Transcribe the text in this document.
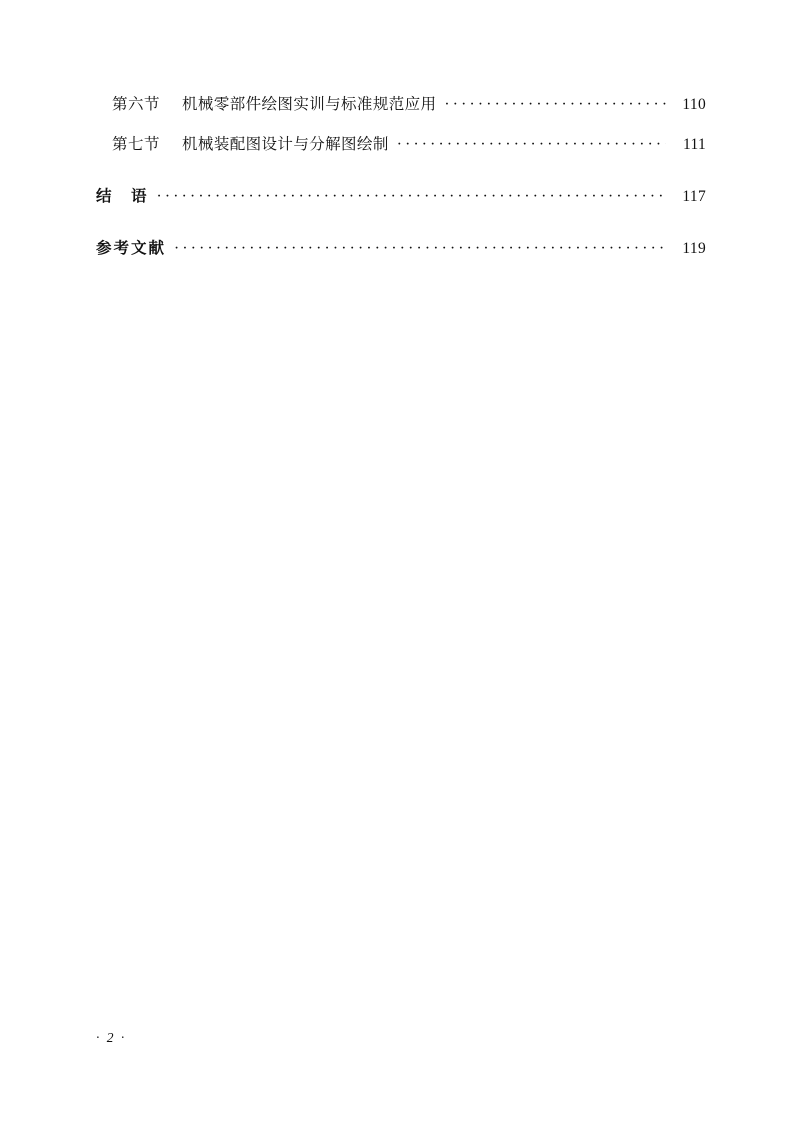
第六节	机械零部件绘图实训与标准规范应用 ·····	110
第七节	机械装配图设计与分解图绘制 ·····	111
结　语 ·····	117
参考文献 ·····	119
· 2 ·
